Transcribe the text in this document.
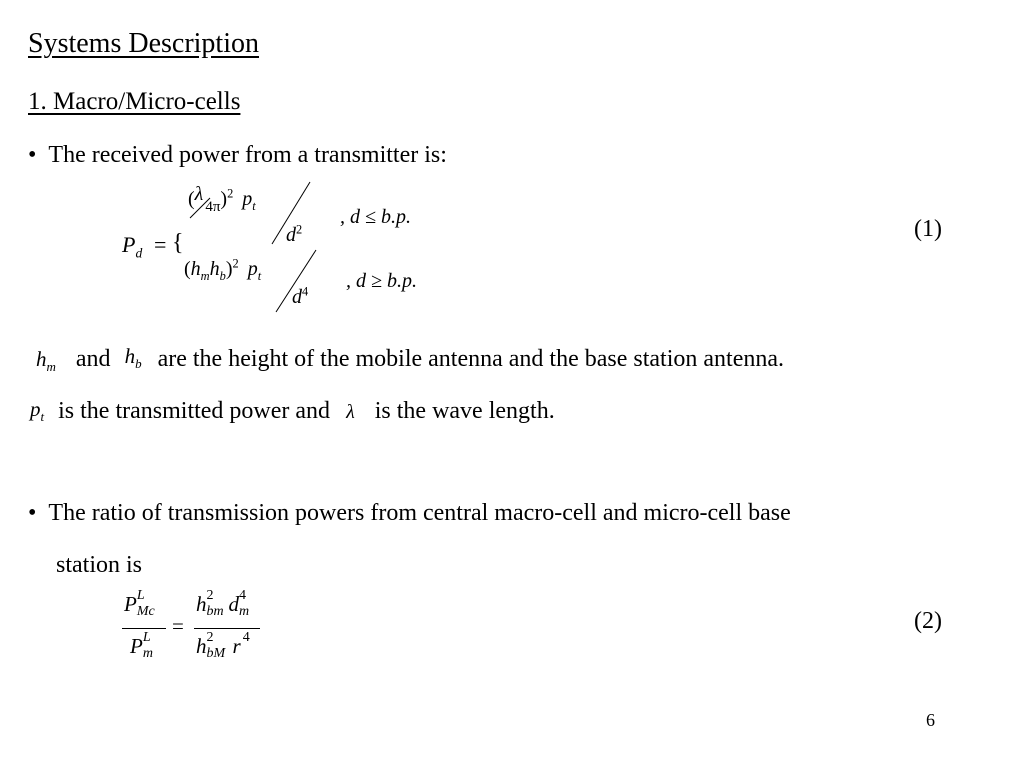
Systems Description
1. Macro/Micro-cells
• The received power from a transmitter is:
$P_d$ = {
$(\lambda_{4\pi})^2$ $p_t$
$d^2$
, d ≤ b.p.
$(h_mh_b)^2$ $p_t$
$d^4$ , d ≥ b.p.
(1)
$h_m$ and $h_b$ are the height of the mobile antenna and the base station antenna.
$p_t$ is the transmitted power and λ is the wave length.
• The ratio of transmission powers from central macro-cell and micro-cell base
station is
P L
Mc
P L
m
=
h 2
bm d 4
m
h 2
bM r 4
(2)
6
